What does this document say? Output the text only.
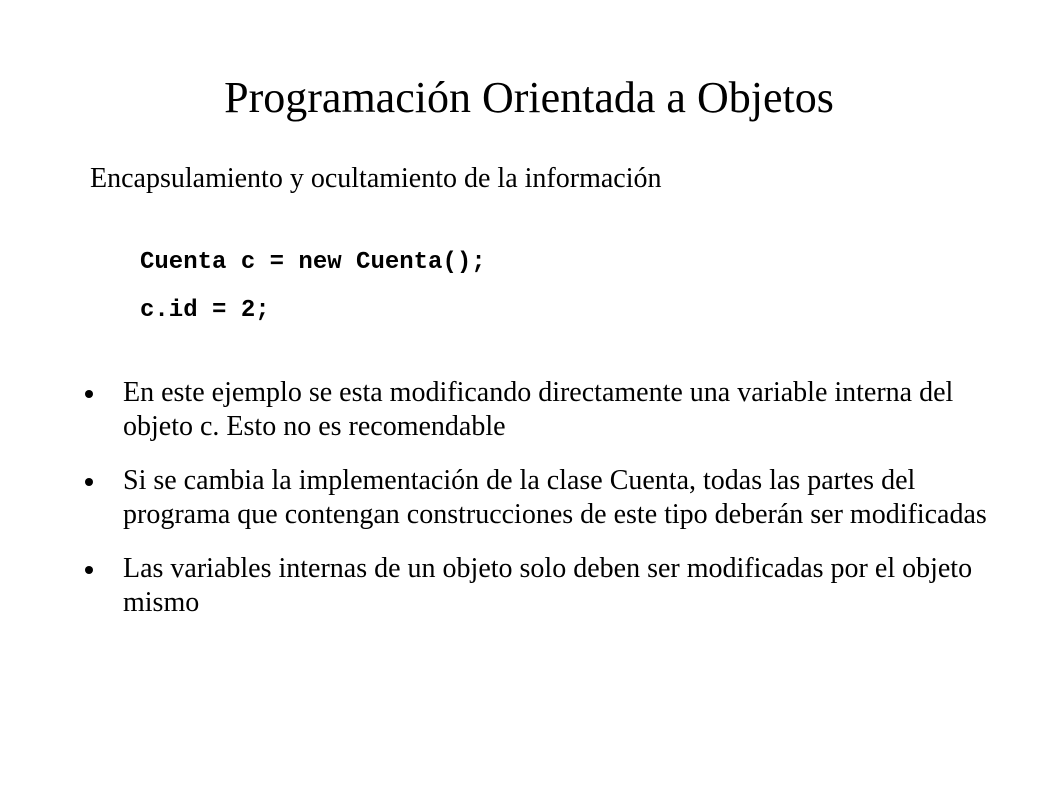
Programación Orientada a Objetos
Encapsulamiento y ocultamiento de la información
Cuenta c = new Cuenta();
c.id = 2;
En este ejemplo se esta modificando directamente una variable interna del objeto c. Esto no es recomendable
Si se cambia la implementación de la clase Cuenta, todas las partes del programa que contengan construcciones de este tipo deberán ser modificadas
Las variables internas de un objeto solo deben ser modificadas por el objeto mismo
